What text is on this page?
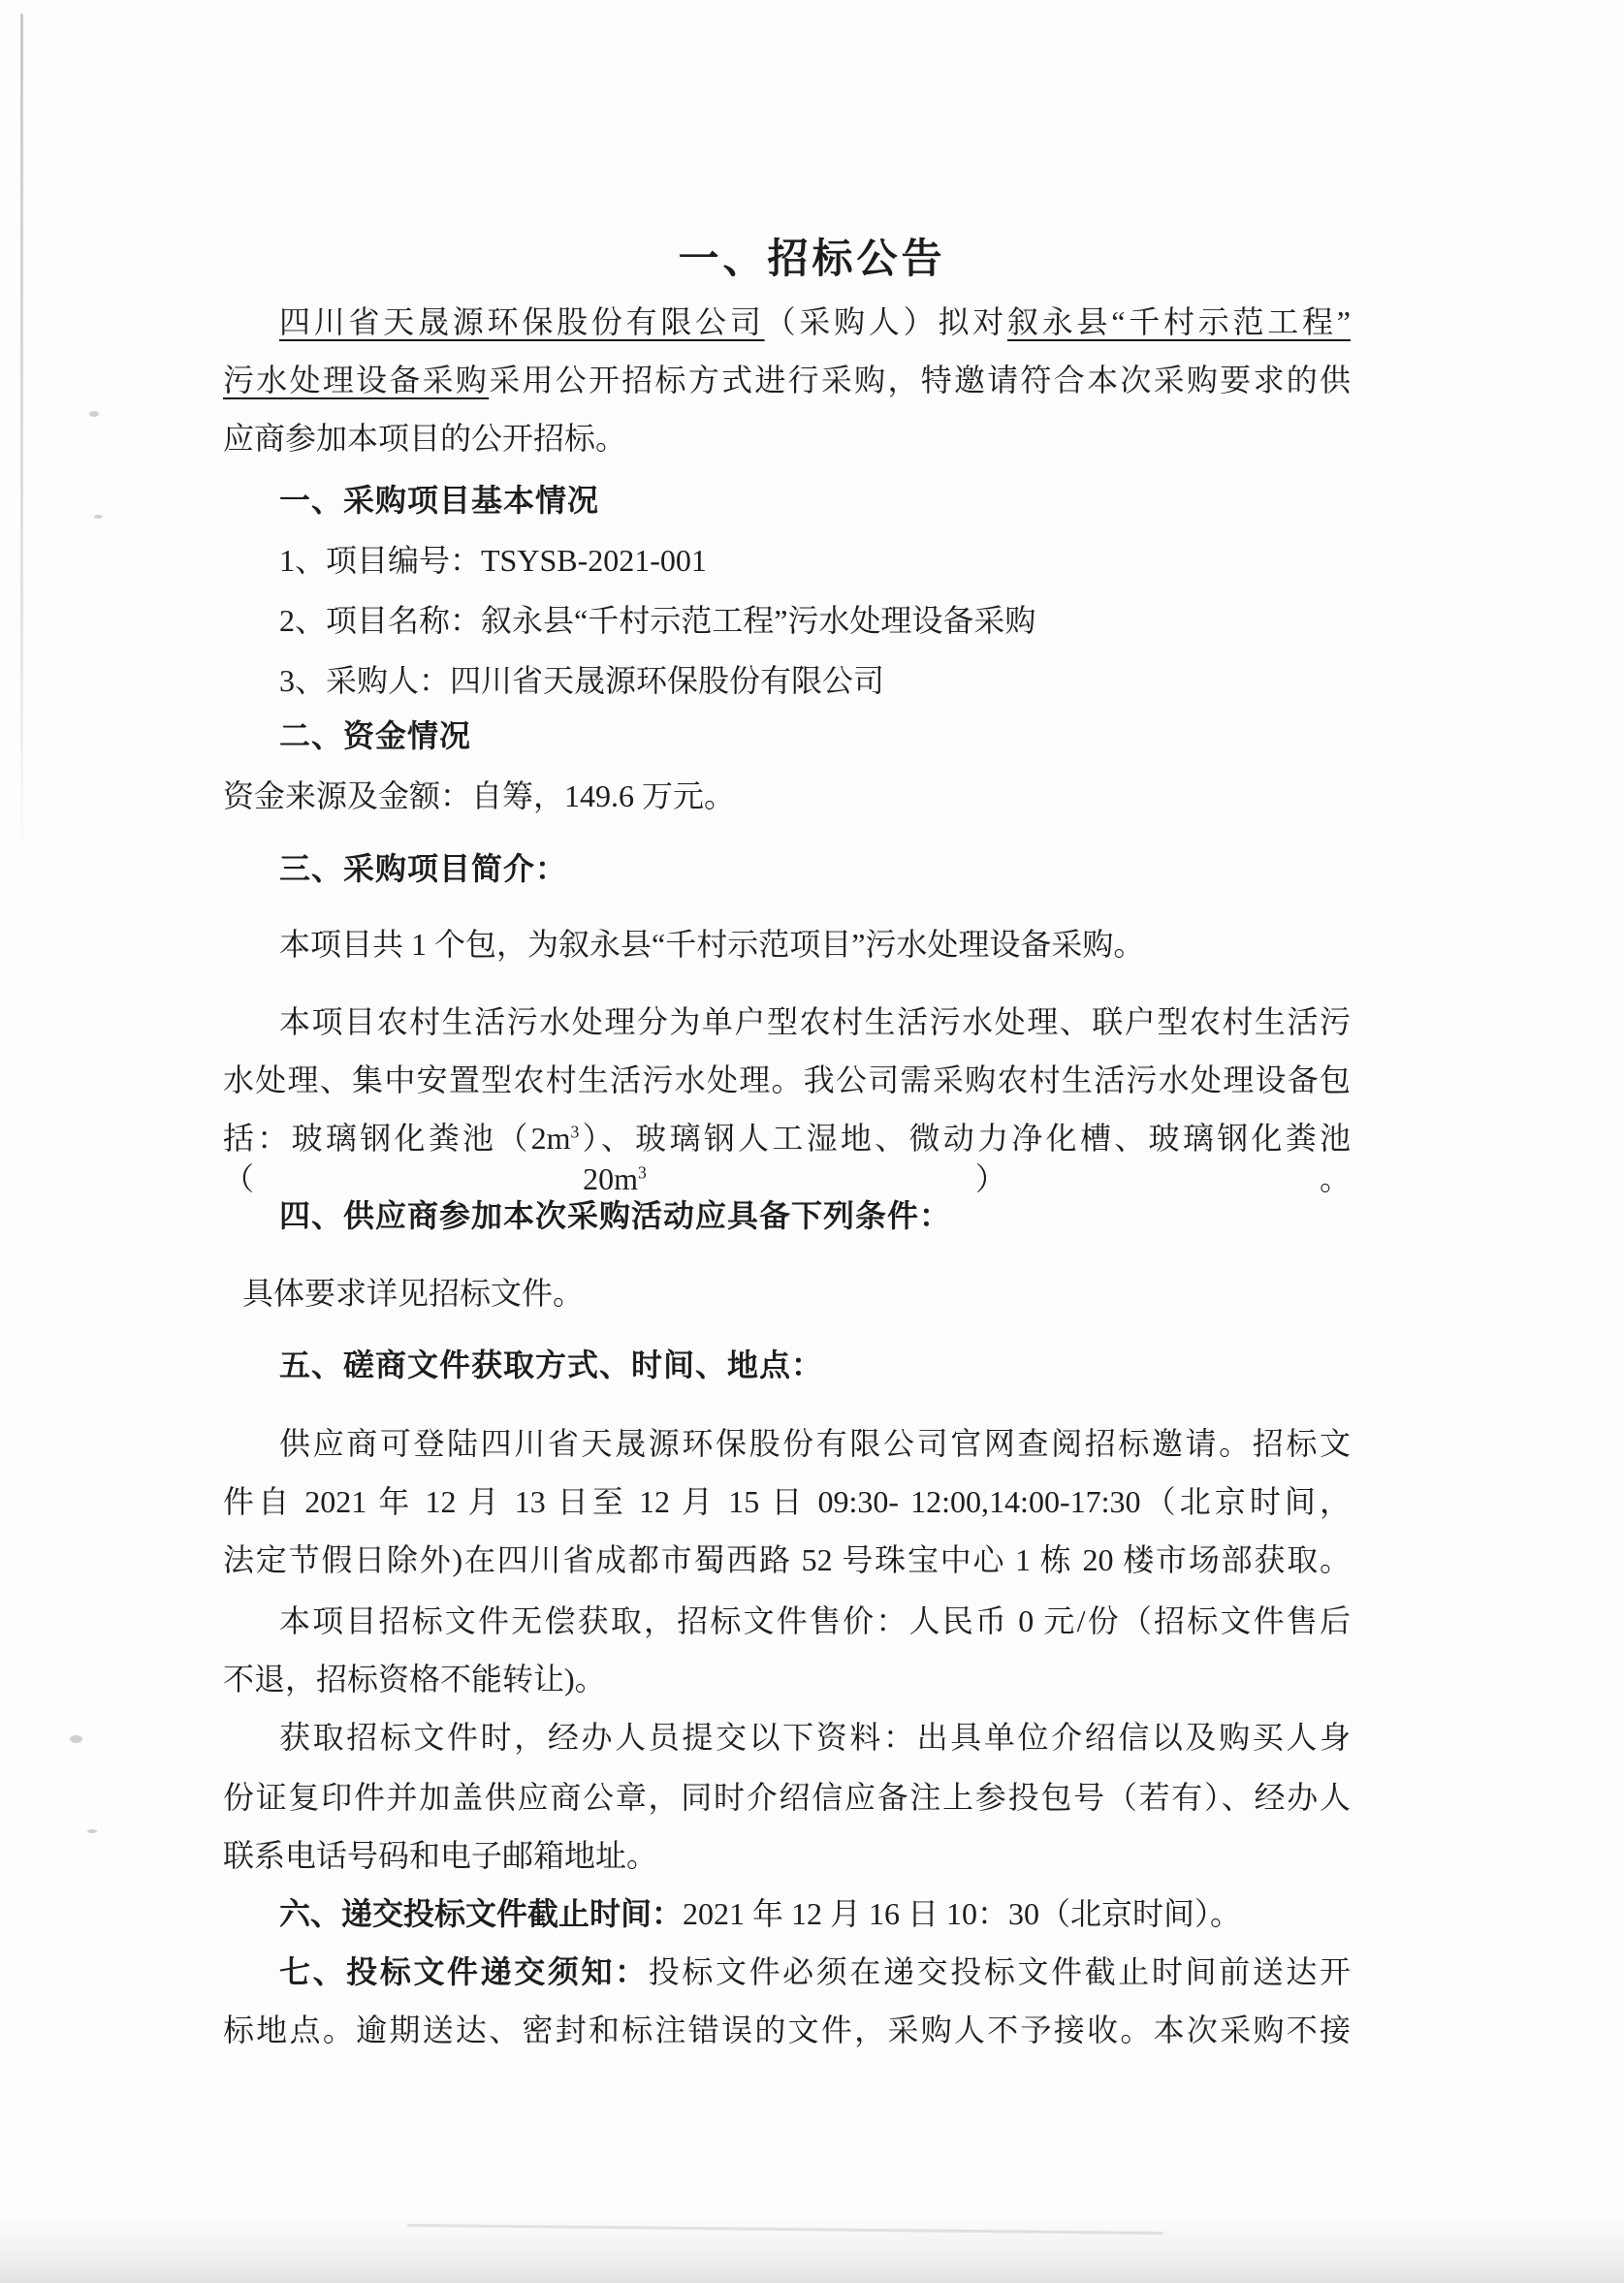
一、招标公告
四川省天晟源环保股份有限公司（采购人）拟对叙永县“千村示范工程”
污水处理设备采购采用公开招标方式进行采购，特邀请符合本次采购要求的供
应商参加本项目的公开招标。
一、采购项目基本情况
1、项目编号：TSYSB-2021-001
2、项目名称：叙永县“千村示范工程”污水处理设备采购
3、采购人：四川省天晟源环保股份有限公司
二、资金情况
资金来源及金额：自筹，149.6 万元。
三、采购项目简介：
本项目共 1 个包，为叙永县“千村示范项目”污水处理设备采购。
本项目农村生活污水处理分为单户型农村生活污水处理、联户型农村生活污
水处理、集中安置型农村生活污水处理。我公司需采购农村生活污水处理设备包
括：玻璃钢化粪池$(2m^3)$、玻璃钢人工湿地、微动力净化槽、玻璃钢化粪池$(20m^3)$。
四、供应商参加本次采购活动应具备下列条件：
具体要求详见招标文件。
五、磋商文件获取方式、时间、地点：
供应商可登陆四川省天晟源环保股份有限公司官网查阅招标邀请。招标文
件自 2021 年 12 月 13 日至 12 月 15 日 09:30- 12:00,14:00-17:30（北京时间，
法定节假日除外)在四川省成都市蜀西路 52 号珠宝中心 1 栋 20 楼市场部获取。
本项目招标文件无偿获取，招标文件售价：人民币 0 元/份（招标文件售后
不退，招标资格不能转让)。
获取招标文件时，经办人员提交以下资料：出具单位介绍信以及购买人身
份证复印件并加盖供应商公章，同时介绍信应备注上参投包号（若有）、经办人
联系电话号码和电子邮箱地址。
六、递交投标文件截止时间：2021 年 12 月 16 日 10：30（北京时间）。
七、投标文件递交须知：投标文件必须在递交投标文件截止时间前送达开
标地点。逾期送达、密封和标注错误的文件，采购人不予接收。本次采购不接
